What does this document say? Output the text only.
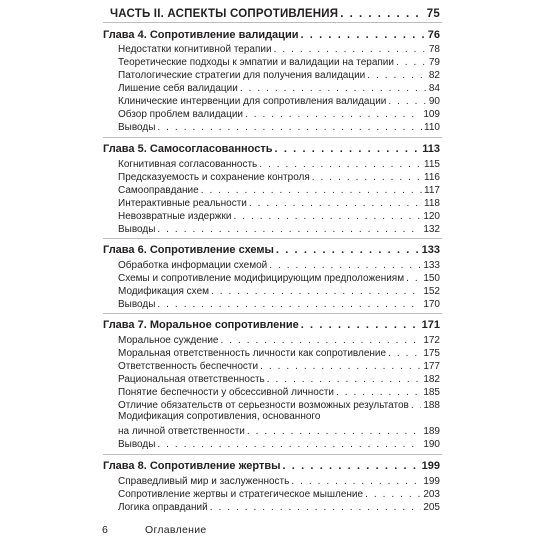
ЧАСТЬ II. АСПЕКТЫ СОПРОТИВЛЕНИЯ . . .	75
Глава 4. Сопротивление валидации . . .	76
Недостатки когнитивной терапии . . .	78
Теоретические подходы к эмпатии и валидации на терапии . . .	79
Патологические стратегии для получения валидации . . .	82
Лишение себя валидации . . .	84
Клинические интервенции для сопротивления валидации . . .	90
Обзор проблем валидации . . .	109
Выводы . . .	110
Глава 5. Самосогласованность . . .	113
Когнитивная согласованность . . .	115
Предсказуемость и сохранение контроля . . .	116
Самооправдание . . .	117
Интерактивные реальности . . .	118
Невозвратные издержки . . .	120
Выводы . . .	132
Глава 6. Сопротивление схемы . . .	133
Обработка информации схемой . . .	133
Схемы и сопротивление модифицирующим предположениям . . . 150
Модификация схем . . .	152
Выводы . . .	170
Глава 7. Моральное сопротивление . . .	171
Моральное суждение . . .	172
Моральная ответственность личности как сопротивление . . .	175
Ответственность беспечности . . .	177
Рациональная ответственность . . .	182
Понятие беспечности у обсессивной личности . . .	185
Отличие обязательств от серьезности возможных результатов . . . 188
Модификация сопротивления, основанного
на личной ответственности . . .	189
Выводы . . .	190
Глава 8. Сопротивление жертвы . . .	199
Справедливый мир и заслуженность . . .	199
Сопротивление жертвы и стратегическое мышление . . .	203
Логика оправданий . . .	205
6	Оглавление
